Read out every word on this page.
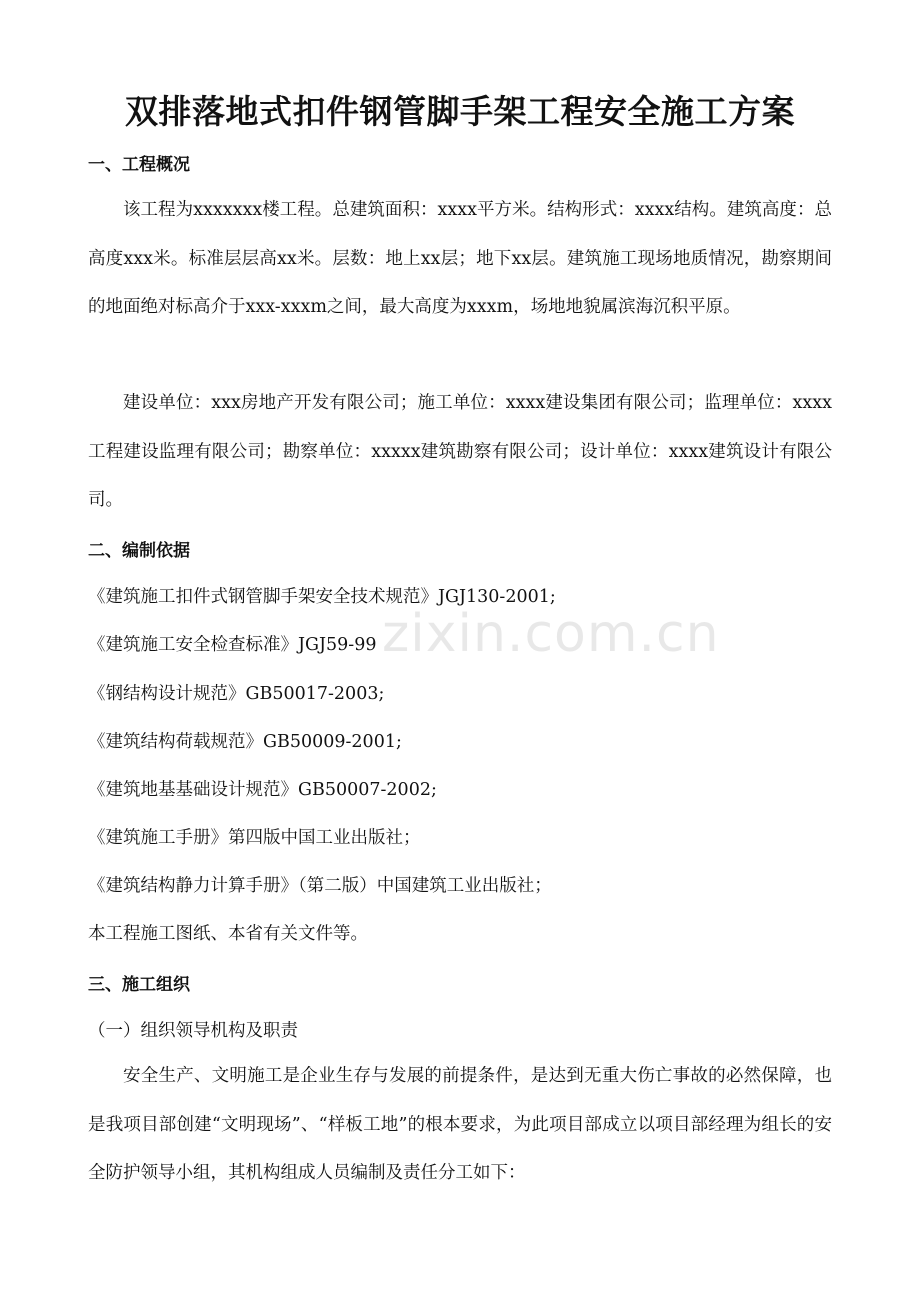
双排落地式扣件钢管脚手架工程安全施工方案
一、工程概况

该工程为xxxxxxx楼工程。总建筑面积：xxxx平方米。结构形式：xxxx结构。建筑高度：总高度xxx米。标准层层高xx米。层数：地上xx层；地下xx层。建筑施工现场地质情况，勘察期间的地面绝对标高介于xxx-xxxm之间，最大高度为xxxm，场地地貌属滨海沉积平原。

建设单位：xxx房地产开发有限公司；施工单位：xxxx建设集团有限公司；监理单位：xxxx工程建设监理有限公司；勘察单位：xxxxx建筑勘察有限公司；设计单位：xxxx建筑设计有限公司。

二、编制依据

《建筑施工扣件式钢管脚手架安全技术规范》JGJ130-2001;

《建筑施工安全检查标准》JGJ59-99

《钢结构设计规范》GB50017-2003;

《建筑结构荷载规范》GB50009-2001;

《建筑地基基础设计规范》GB50007-2002;

《建筑施工手册》第四版中国工业出版社；

《建筑结构静力计算手册》（第二版）中国建筑工业出版社；

本工程施工图纸、本省有关文件等。

三、施工组织

（一）组织领导机构及职责

安全生产、文明施工是企业生存与发展的前提条件，是达到无重大伤亡事故的必然保障，也是我项目部创建“文明现场”、“样板工地”的根本要求，为此项目部成立以项目部经理为组长的安全防护领导小组，其机构组成人员编制及责任分工如下：

zixin.com.cn
